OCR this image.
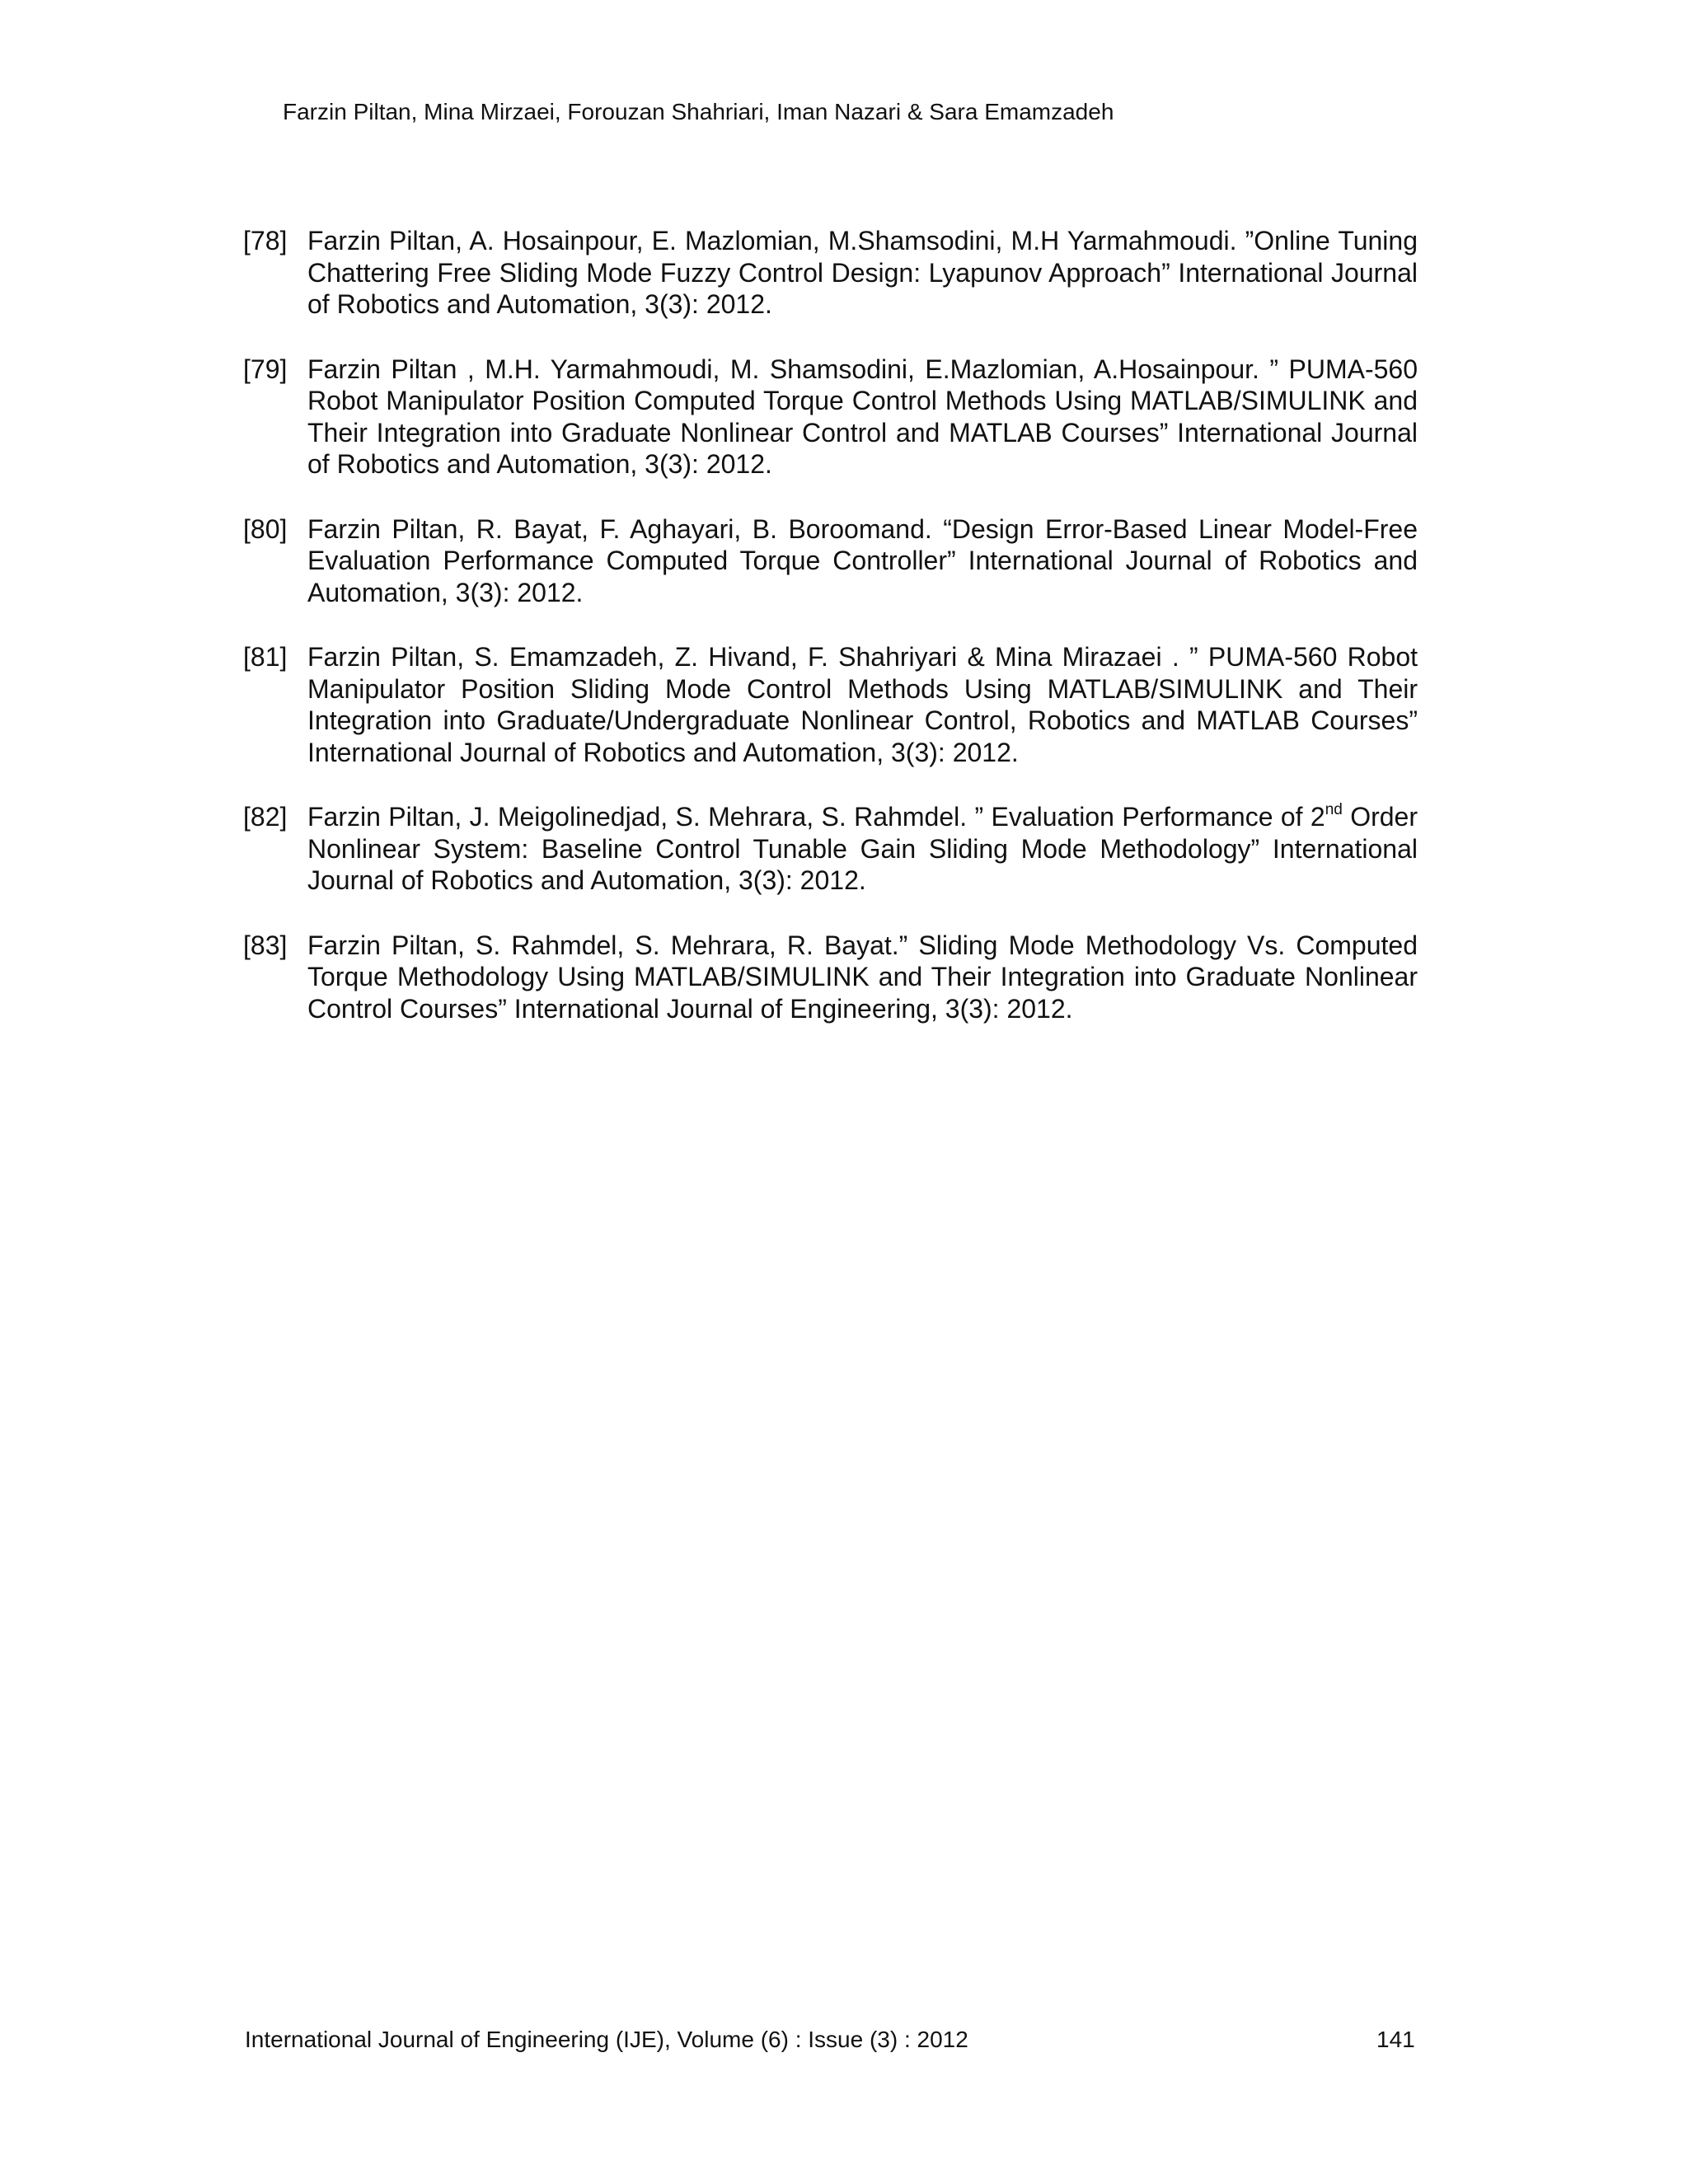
Farzin Piltan, Mina Mirzaei, Forouzan Shahriari, Iman Nazari & Sara Emamzadeh
[78] Farzin Piltan, A. Hosainpour, E. Mazlomian, M.Shamsodini, M.H Yarmahmoudi. ”Online Tuning Chattering Free Sliding Mode Fuzzy Control Design: Lyapunov Approach” International Journal of Robotics and Automation, 3(3): 2012.
[79] Farzin Piltan , M.H. Yarmahmoudi, M. Shamsodini, E.Mazlomian, A.Hosainpour. ” PUMA-560 Robot Manipulator Position Computed Torque Control Methods Using MATLAB/SIMULINK and Their Integration into Graduate Nonlinear Control and MATLAB Courses” International Journal of Robotics and Automation, 3(3): 2012.
[80] Farzin Piltan, R. Bayat, F. Aghayari, B. Boroomand. “Design Error-Based Linear Model-Free Evaluation Performance Computed Torque Controller” International Journal of Robotics and Automation, 3(3): 2012.
[81] Farzin Piltan, S. Emamzadeh, Z. Hivand, F. Shahriyari & Mina Mirazaei . ” PUMA-560 Robot Manipulator Position Sliding Mode Control Methods Using MATLAB/SIMULINK and Their Integration into Graduate/Undergraduate Nonlinear Control, Robotics and MATLAB Courses” International Journal of Robotics and Automation, 3(3): 2012.
[82] Farzin Piltan, J. Meigolinedjad, S. Mehrara, S. Rahmdel. ” Evaluation Performance of 2nd Order Nonlinear System: Baseline Control Tunable Gain Sliding Mode Methodology” International Journal of Robotics and Automation, 3(3): 2012.
[83] Farzin Piltan, S. Rahmdel, S. Mehrara, R. Bayat.” Sliding Mode Methodology Vs. Computed Torque Methodology Using MATLAB/SIMULINK and Their Integration into Graduate Nonlinear Control Courses” International Journal of Engineering, 3(3): 2012.
International Journal of Engineering (IJE), Volume (6) : Issue (3) : 2012	141
